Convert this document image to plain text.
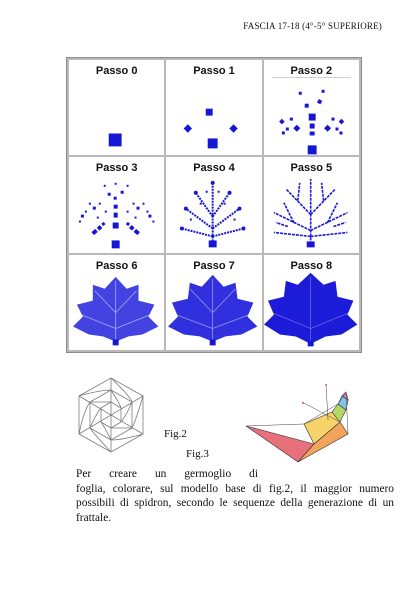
FASCIA 17-18 (4°-5° SUPERIORE)
Passo 0	Passo 1	Passo 2
Passo 3	Passo 4	Passo 5
Passo 6	Passo 7	Passo 8
Fig.2
Fig.3
Per creare un germoglio di
foglia, colorare, sul modello base di fig.2, il maggior numero
possibili di spidron, secondo le sequenze della generazione di un
frattale.
